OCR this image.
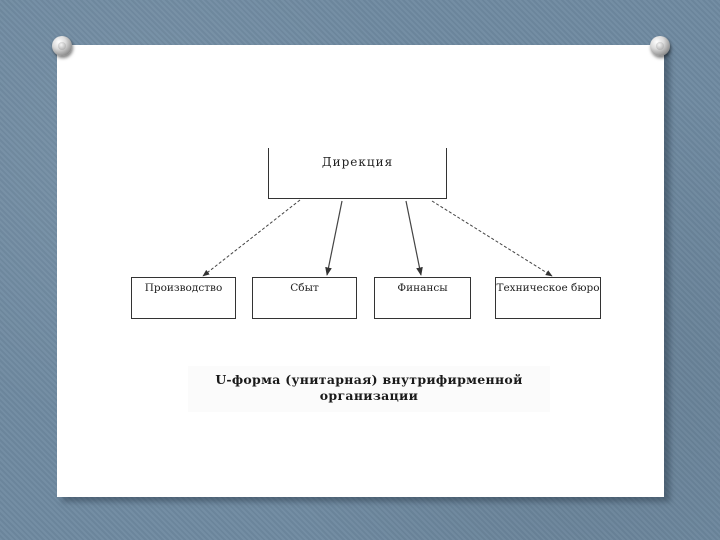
Дирекция
Производство	Сбыт	Финансы	Техническое бюро
U-форма (унитарная) внутрифирменной
организации
